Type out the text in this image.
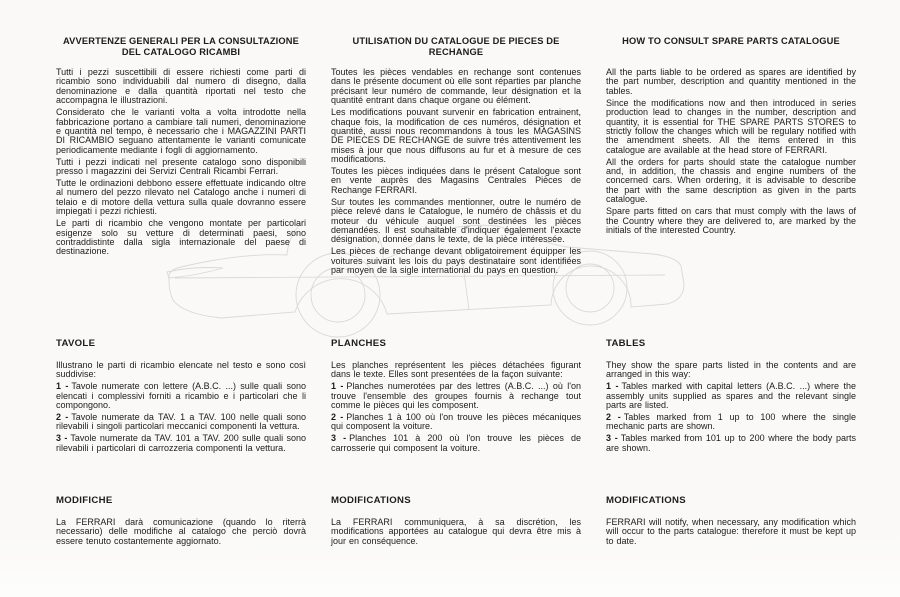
AVVERTENZE GENERALI PER LA CONSULTAZIONE DEL CATALOGO RICAMBI

Tutti i pezzi suscettibili di essere richiesti come parti di ricambio sono individuabili dal numero di disegno, dalla denominazione e dalla quantità riportati nel testo che accompagna le illustrazioni.

Considerato che le varianti volta a volta introdotte nella fabbricazione portano a cambiare tali numeri, denominazione e quantità nel tempo, è necessario che i MAGAZZINI PARTI DI RICAMBIO seguano attentamente le varianti comunicate periodicamente mediante i fogli di aggiornamento.

Tutti i pezzi indicati nel presente catalogo sono disponibili presso i magazzini dei Servizi Centrali Ricambi Ferrari.

Tutte le ordinazioni debbono essere effettuate indicando oltre al numero del pezzo rilevato nel Catalogo anche i numeri di telaio e di motore della vettura sulla quale dovranno essere impiegati i pezzi richiesti.

Le parti di ricambio che vengono montate per particolari esigenze solo su vetture di determinati paesi, sono contraddistinte dalla sigla internazionale del paese di destinazione.

TAVOLE

Illustrano le parti di ricambio elencate nel testo e sono così suddivise:

1 - Tavole numerate con lettere (A.B.C. ...) sulle quali sono elencati i complessivi forniti a ricambio e i particolari che li compongono.

2 - Tavole numerate da TAV. 1 a TAV. 100 nelle quali sono rilevabili i singoli particolari meccanici componenti la vettura.

3 - Tavole numerate da TAV. 101 a TAV. 200 sulle quali sono rilevabili i particolari di carrozzeria componenti la vettura.

MODIFICHE

La FERRARI darà comunicazione (quando lo riterrà necessario) delle modifiche al catalogo che perciò dovrà essere tenuto costantemente aggiornato.

UTILISATION DU CATALOGUE DE PIECES DE RECHANGE

Toutes les pièces vendables en rechange sont contenues dans le présente document où elle sont réparties par planche précisant leur numéro de commande, leur désignation et la quantité entrant dans chaque organe ou élément.

Les modifications pouvant survenir en fabrication entrainent, chaque fois, la modification de ces numéros, désignation et quantité, aussi nous recommandons à tous les MAGASINS DE PIECES DE RECHANGE de suivre trés attentivement les mises à jour que nous diffusons au fur et à mesure de ces modifications.

Toutes les pièces indiquées dans le présent Catalogue sont en vente auprès des Magasins Centrales Pièces de Rechange FERRARI.

Sur toutes les commandes mentionner, outre le numéro de pièce relevé dans le Catalogue, le numéro de châssis et du moteur du véhicule auquel sont destinées les pièces demandées. Il est souhaitable d'indiquer également l'exacte désignation, donnée dans le texte, de la pièce intéressée.

Les pièces de rechange devant obligatoirement équipper les voitures suivant les lois du pays destinataire sont identifiées par moyen de la sigle international du pays en question.

PLANCHES

Les planches représentent les pièces détachées figurant dans le texte. Elles sont presentées de la façon suivante:

1 - Planches numerotées par des lettres (A.B.C. ...) où l'on trouve l'ensemble des groupes fournis à rechange tout comme le pièces qui les composent.

2 - Planches 1 à 100 où l'on trouve les pièces mécaniques qui composent la voiture.

3 - Planches 101 à 200 où l'on trouve les pièces de carrosserie qui composent la voiture.

MODIFICATIONS

La FERRARI communiquera, à sa discrétion, les modifications apportées au catalogue qui devra être mis à jour en conséquence.

HOW TO CONSULT SPARE PARTS CATALOGUE

All the parts liable to be ordered as spares are identified by the part number, description and quantity mentioned in the tables.

Since the modifications now and then introduced in series production lead to changes in the number, description and quantity, it is essential for THE SPARE PARTS STORES to strictly follow the changes which will be regulary notified with the amendment sheets. All the items entered in this catalogue are available at the head store of FERRARI.

All the orders for parts should state the catalogue number and, in addition, the chassis and engine numbers of the concerned cars. When ordering, it is advisable to describe the part with the same description as given in the parts catalogue.

Spare parts fitted on cars that must comply with the laws of the Country where they are delivered to, are marked by the initials of the interested Country.

TABLES

They show the spare parts listed in the contents and are arranged in this way:

1 - Tables marked with capital letters (A.B.C. ...) where the assembly units supplied as spares and the relevant single parts are listed.

2 - Tables marked from 1 up to 100 where the single mechanic parts are shown.

3 - Tables marked from 101 up to 200 where the body parts are shown.

MODIFICATIONS

FERRARI will notify, when necessary, any modification which will occur to the parts catalogue: therefore it must be kept up to date.
